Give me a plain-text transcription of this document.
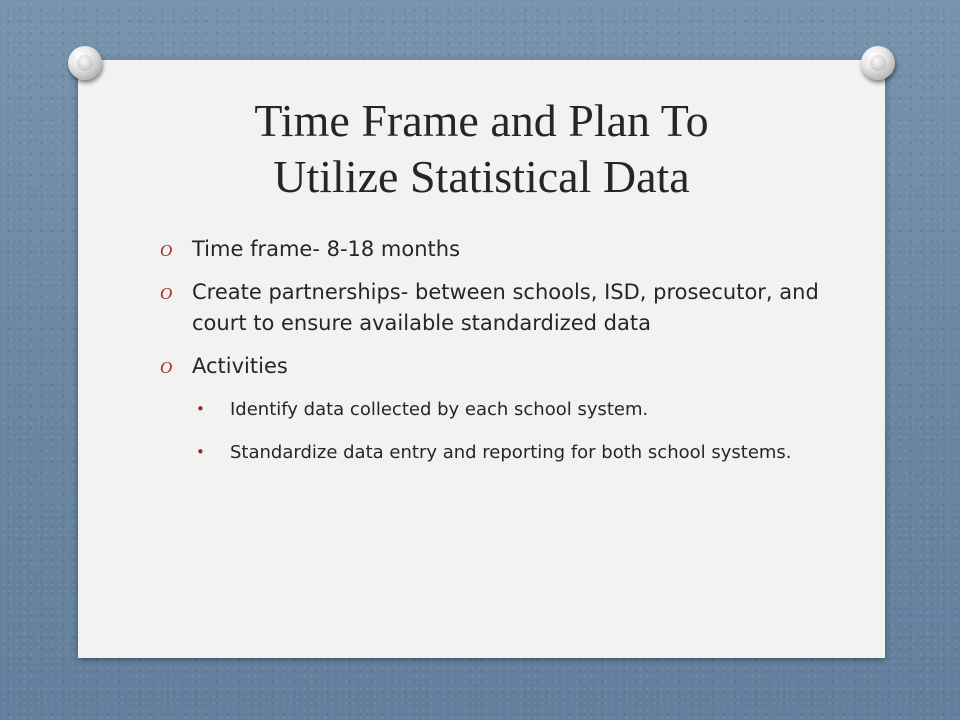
Time Frame and Plan To
Utilize Statistical Data
O Time frame- 8-18 months
O Create partnerships- between schools, ISD, prosecutor, and court to ensure available standardized data
O Activities
• Identify data collected by each school system.
• Standardize data entry and reporting for both school systems.
